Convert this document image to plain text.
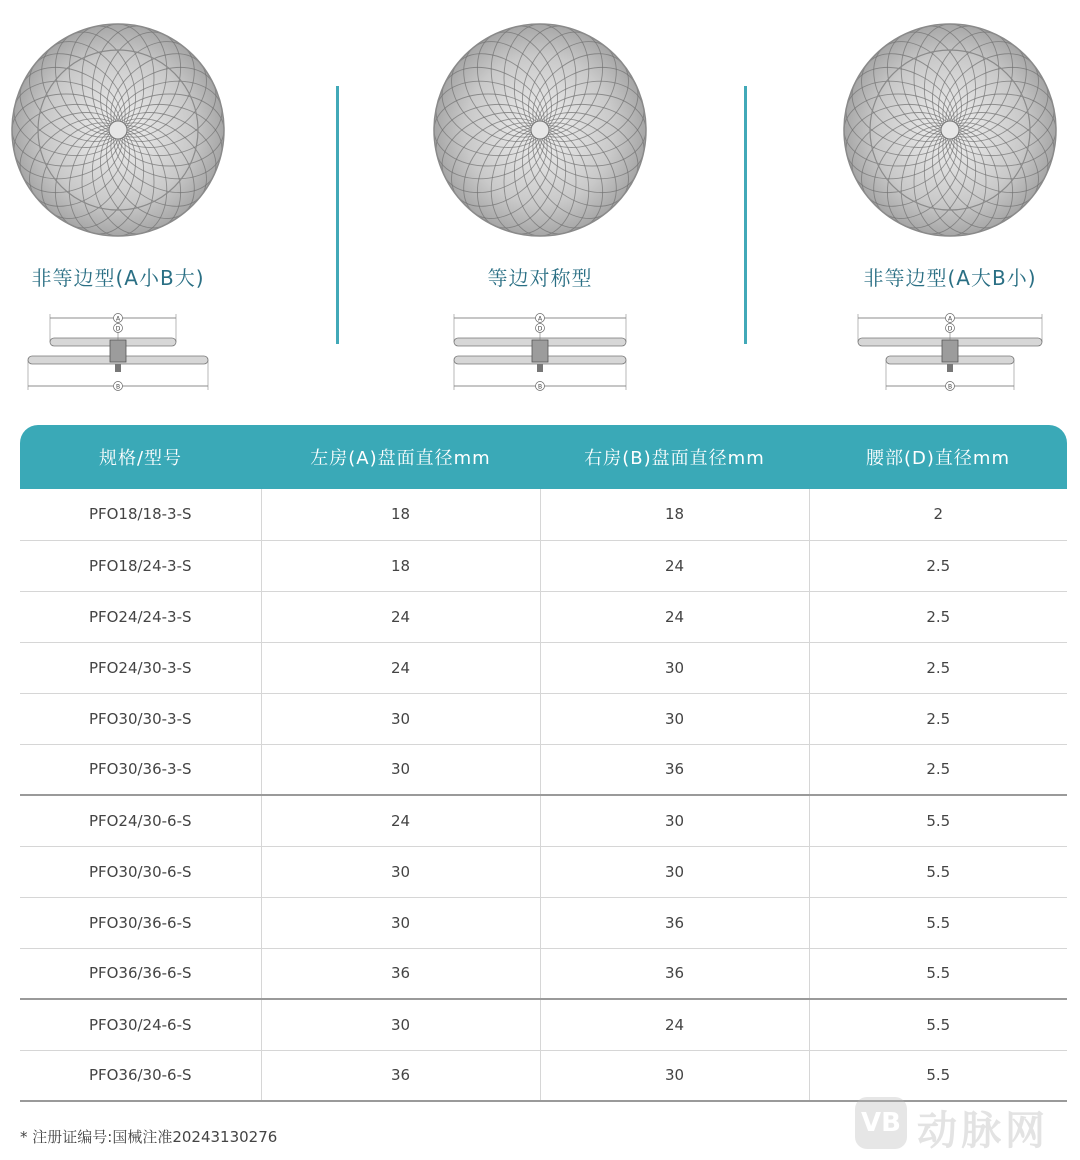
非等边型(A小B大)
A
D
B
等边对称型
A
D
B
非等边型(A大B小)
A
D
B
规格/型号	左房(A)盘面直径mm	右房(B)盘面直径mm	腰部(D)直径mm
PFO18/18-3-S	18	18	2
PFO18/24-3-S	18	24	2.5
PFO24/24-3-S	24	24	2.5
PFO24/30-3-S	24	30	2.5
PFO30/30-3-S	30	30	2.5
PFO30/36-3-S	30	36	2.5
PFO24/30-6-S	24	30	5.5
PFO30/30-6-S	30	30	5.5
PFO30/36-6-S	30	36	5.5
PFO36/36-6-S	36	36	5.5
PFO30/24-6-S	30	24	5.5
PFO36/30-6-S	36	30	5.5
* 注册证编号:国械注准20243130276	VB 动脉网
